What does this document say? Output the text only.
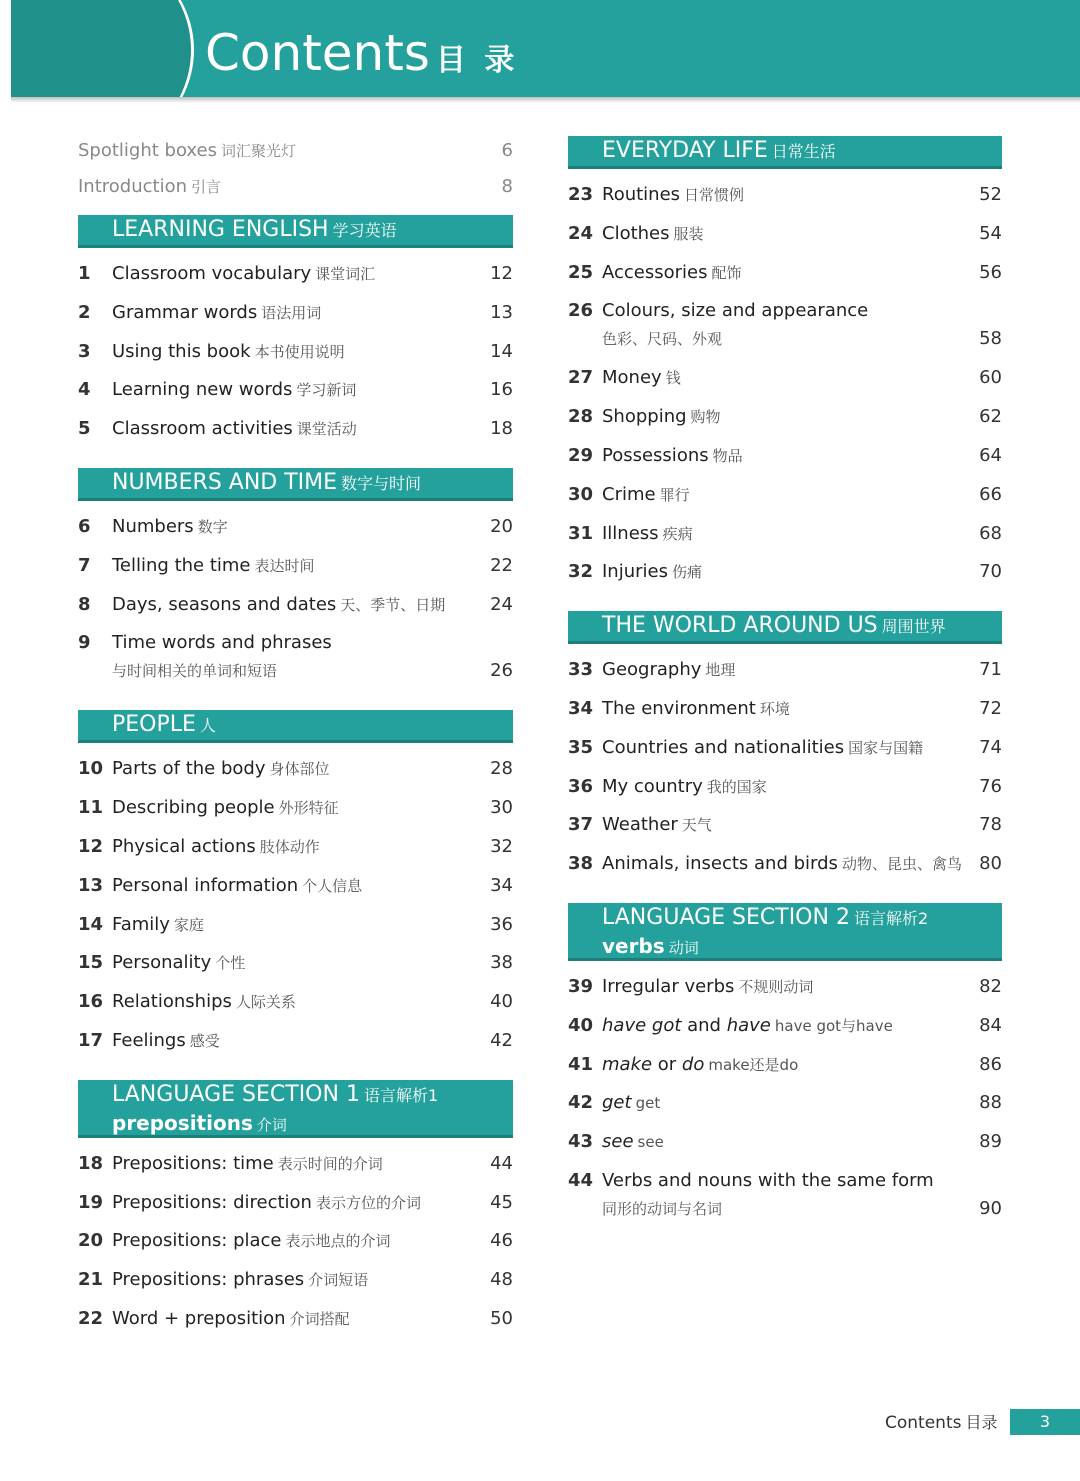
Contents 目 录
Spotlight boxes 词汇聚光灯	6
Introduction 引言	8
LEARNING ENGLISH 学习英语
1 Classroom vocabulary 课堂词汇	12
2 Grammar words 语法用词	13
3 Using this book 本书使用说明	14
4 Learning new words 学习新词	16
5 Classroom activities 课堂活动	18
NUMBERS AND TIME 数字与时间
6 Numbers 数字	20
7 Telling the time 表达时间	22
8 Days, seasons and dates 天、季节、日期 24
9 Time words and phrases
与时间相关的单词和短语	26
PEOPLE 人
10 Parts of the body 身体部位	28
11 Describing people 外形特征	30
12 Physical actions 肢体动作	32
13 Personal information 个人信息	34
14 Family 家庭	36
15 Personality 个性	38
16 Relationships 人际关系	40
17 Feelings 感受	42
LANGUAGE SECTION 1 语言解析1
prepositions 介词
18 Prepositions: time 表示时间的介词	44
19 Prepositions: direction 表示方位的介词	45
20 Prepositions: place 表示地点的介词	46
21 Prepositions: phrases 介词短语	48
22 Word + preposition 介词搭配	50
EVERYDAY LIFE 日常生活
23 Routines 日常惯例	52
24 Clothes 服装	54
25 Accessories 配饰	56
26 Colours, size and appearance
色彩、尺码、外观	58
27 Money 钱	60
28 Shopping 购物	62
29 Possessions 物品	64
30 Crime 罪行	66
31 Illness 疾病	68
32 Injuries 伤痛	70
THE WORLD AROUND US 周围世界
33 Geography 地理	71
34 The environment 环境	72
35 Countries and nationalities 国家与国籍	74
36 My country 我的国家	76
37 Weather 天气	78
38 Animals, insects and birds 动物、昆虫、禽鸟 80
LANGUAGE SECTION 2 语言解析2
verbs 动词
39 Irregular verbs 不规则动词	82
40 have got and have have got与have	84
41 make or do make还是do	86
42 get get	88
43 see see	89
44 Verbs and nouns with the same form
同形的动词与名词	90
Contents 目录	3
